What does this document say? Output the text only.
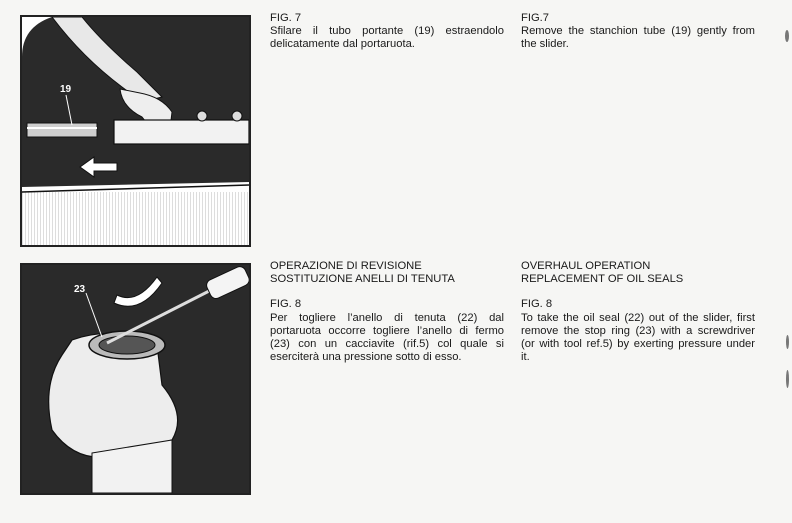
19
23

FIG. 7

Sfilare il tubo portante (19) estraendolo delicatamente dal portaruota.

FIG.7

Remove the stanchion tube (19) gently from the slider.

OPERAZIONE DI REVISIONE
SOSTITUZIONE ANELLI DI TENUTA

FIG. 8

Per togliere l’anello di tenuta (22) dal portaruota occorre togliere l’anello di fermo (23) con un cacciavite (rif.5) col quale si eserciterà una pressione sotto di esso.

OVERHAUL OPERATION
REPLACEMENT OF OIL SEALS

FIG. 8

To take the oil seal (22) out of the slider, first remove the stop ring (23) with a screwdriver (or with tool ref.5) by exerting pressure under it.
